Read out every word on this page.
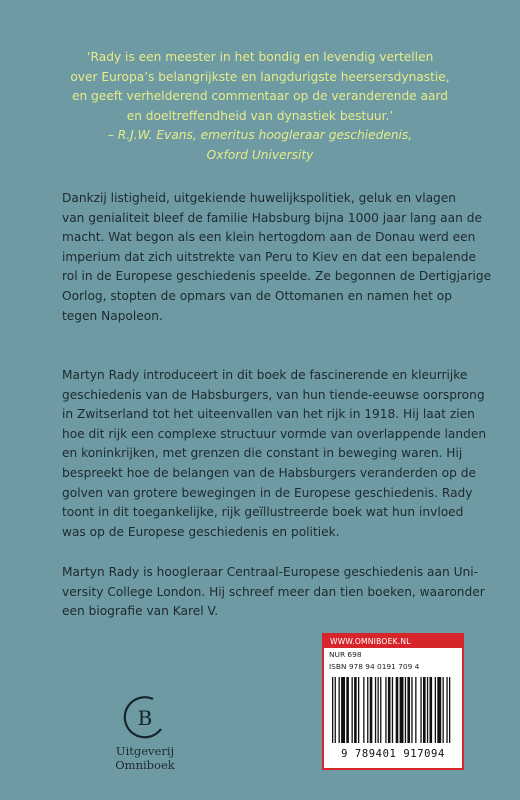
‘Rady is een meester in het bondig en levendig vertellen
over Europa’s belangrijkste en langdurigste heersersdynastie,
en geeft verhelderend commentaar op de veranderende aard
en doeltreffendheid van dynastiek bestuur.’
– R.J.W. Evans, emeritus hoogleraar geschiedenis,
Oxford University
Dankzij listigheid, uitgekiende huwelijkspolitiek, geluk en vlagen
van genialiteit bleef de familie Habsburg bijna 1000 jaar lang aan de
macht. Wat begon als een klein hertogdom aan de Donau werd een
imperium dat zich uitstrekte van Peru to Kiev en dat een bepalende
rol in de Europese geschiedenis speelde. Ze begonnen de Dertigjarige
Oorlog, stopten de opmars van de Ottomanen en namen het op
tegen Napoleon.
Martyn Rady introduceert in dit boek de fascinerende en kleurrijke
geschiedenis van de Habsburgers, van hun tiende-eeuwse oorsprong
in Zwitserland tot het uiteenvallen van het rijk in 1918. Hij laat zien
hoe dit rijk een complexe structuur vormde van overlappende landen
en koninkrijken, met grenzen die constant in beweging waren. Hij
bespreekt hoe de belangen van de Habsburgers veranderden op de
golven van grotere bewegingen in de Europese geschiedenis. Rady
toont in dit toegankelijke, rijk geïllustreerde boek wat hun invloed
was op de Europese geschiedenis en politiek.
Martyn Rady is hoogleraar Centraal-Europese geschiedenis aan Uni-
versity College London. Hij schreef meer dan tien boeken, waaronder
een biografie van Karel V.
B
Uitgeverij Omniboek
WWW.OMNIBOEK.NL
NUR 698
ISBN 978 94 0191 709 4
9 789401 917094
